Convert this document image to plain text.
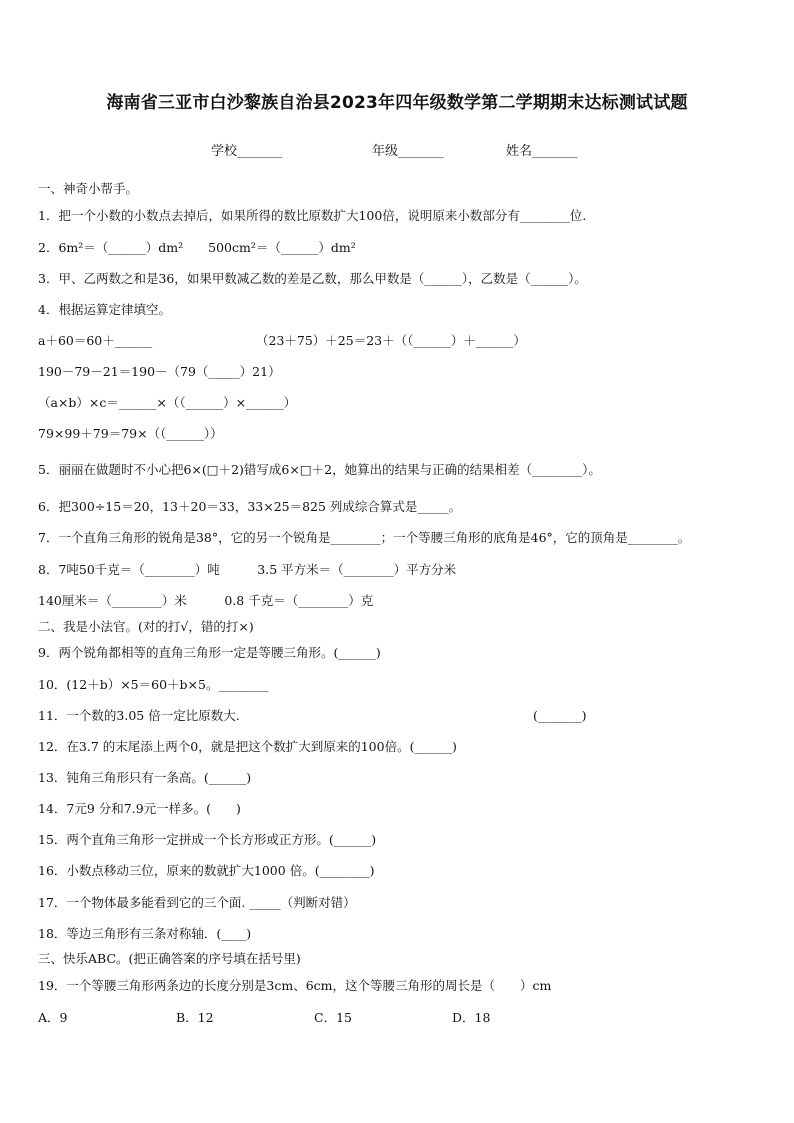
海南省三亚市白沙黎族自治县2023年四年级数学第二学期期末达标测试试题
学校_______	年级_______	姓名_______
一、神奇小帮手。
1．把一个小数的小数点去掉后，如果所得的数比原数扩大100倍，说明原来小数部分有________位.
2．6m²＝（______）dm²　　500cm²＝（______）dm²
3．甲、乙两数之和是36，如果甲数减乙数的差是乙数，那么甲数是（______），乙数是（______）。
4．根据运算定律填空。
a＋60＝60＋______	（23＋75）＋25＝23＋（（______）＋______）
190－79－21＝190－（79（_____）21）
（a×b）×c＝______×（（______）×______）
79×99＋79＝79×（（______））
5．丽丽在做题时不小心把6×(□＋2)错写成6×□＋2，她算出的结果与正确的结果相差（________）。
6．把300÷15＝20，13＋20＝33，33×25＝825 列成综合算式是_____。
7．一个直角三角形的锐角是38°，它的另一个锐角是________；一个等腰三角形的底角是46°，它的顶角是________。
8．7吨50千克＝（________）吨　　　3.5 平方米＝（________）平方分米
140厘米＝（________）米　　　0.8 千克＝（________）克
二、我是小法官。(对的打√，错的打×)
9．两个锐角都相等的直角三角形一定是等腰三角形。(______)
10．(12＋b）×5＝60＋b×5。________
11．一个数的3.05 倍一定比原数大.	(_______)
12．在3.7 的末尾添上两个0，就是把这个数扩大到原来的100倍。(______)
13．钝角三角形只有一条高。(______)
14．7元9 分和7.9元一样多。(　　)
15．两个直角三角形一定拼成一个长方形或正方形。(______)
16．小数点移动三位，原来的数就扩大1000 倍。(________)
17．一个物体最多能看到它的三个面. _____（判断对错）
18．等边三角形有三条对称轴．(____)
三、快乐ABC。(把正确答案的序号填在括号里)
19．一个等腰三角形两条边的长度分别是3cm、6cm，这个等腰三角形的周长是（　　）cm
A．9	B．12	C．15	D．18
